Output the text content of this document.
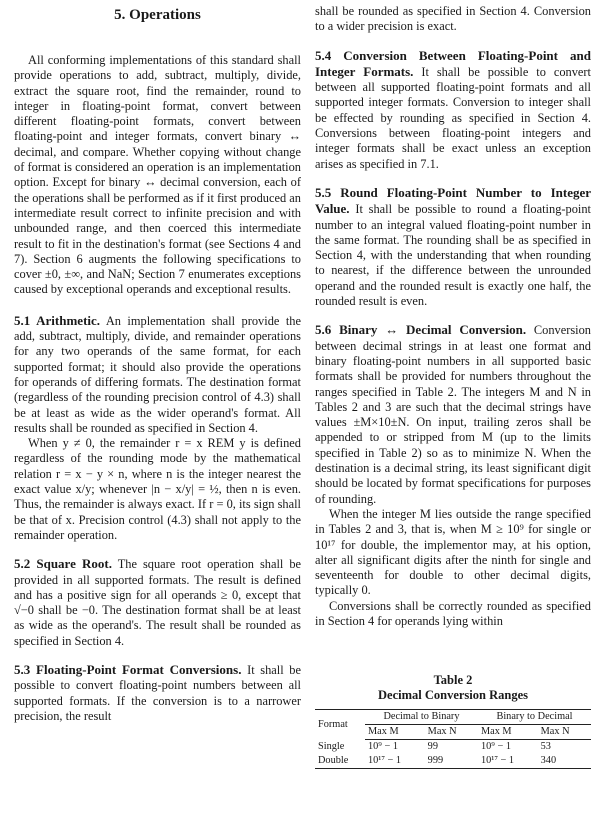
5. Operations

All conforming implementations of this standard shall provide operations to add, subtract, multiply, divide, extract the square root, find the remainder, round to integer in floating-point format, convert between different floating-point formats, convert between floating-point and integer formats, convert binary ↔ decimal, and compare. Whether copying without change of format is considered an operation is an implementation option. Except for binary ↔ decimal conversion, each of the operations shall be performed as if it first produced an intermediate result correct to infinite precision and with unbounded range, and then coerced this intermediate result to fit in the destination's format (see Sections 4 and 7). Section 6 augments the following specifications to cover ±0, ±∞, and NaN; Section 7 enumerates exceptions caused by exceptional operands and exceptional results.

5.1 Arithmetic. An implementation shall provide the add, subtract, multiply, divide, and remainder operations for any two operands of the same format, for each supported format; it should also provide the operations for operands of differing formats. The destination format (regardless of the rounding precision control of 4.3) shall be at least as wide as the wider operand's format. All results shall be rounded as specified in Section 4.

When y ≠ 0, the remainder r = x REM y is defined regardless of the rounding mode by the mathematical relation r = x − y × n, where n is the integer nearest the exact value x/y; whenever |n − x/y| = ½, then n is even. Thus, the remainder is always exact. If r = 0, its sign shall be that of x. Precision control (4.3) shall not apply to the remainder operation.

5.2 Square Root. The square root operation shall be provided in all supported formats. The result is defined and has a positive sign for all operands ≥ 0, except that √−0 shall be −0. The destination format shall be at least as wide as the operand's. The result shall be rounded as specified in Section 4.

5.3 Floating-Point Format Conversions. It shall be possible to convert floating-point numbers between all supported formats. If the conversion is to a narrower precision, the result

shall be rounded as specified in Section 4. Conversion to a wider precision is exact.

5.4 Conversion Between Floating-Point and Integer Formats. It shall be possible to convert between all supported floating-point formats and all supported integer formats. Conversion to integer shall be effected by rounding as specified in Section 4. Conversions between floating-point integers and integer formats shall be exact unless an exception arises as specified in 7.1.

5.5 Round Floating-Point Number to Integer Value. It shall be possible to round a floating-point number to an integral valued floating-point number in the same format. The rounding shall be as specified in Section 4, with the understanding that when rounding to nearest, if the difference between the unrounded operand and the rounded result is exactly one half, the rounded result is even.

5.6 Binary ↔ Decimal Conversion. Conversion between decimal strings in at least one format and binary floating-point numbers in all supported basic formats shall be provided for numbers throughout the ranges specified in Table 2. The integers M and N in Tables 2 and 3 are such that the decimal strings have values ±M×10±N. On input, trailing zeros shall be appended to or stripped from M (up to the limits specified in Table 2) so as to minimize N. When the destination is a decimal string, its least significant digit should be located by format specifications for purposes of rounding.

When the integer M lies outside the range specified in Tables 2 and 3, that is, when M ≥ 10⁹ for single or 10¹⁷ for double, the implementor may, at his option, alter all significant digits after the ninth for single and seventeenth for double to other decimal digits, typically 0.

Conversions shall be correctly rounded as specified in Section 4 for operands lying within

Table 2
Decimal Conversion Ranges
Format	Decimal to Binary		Binary to Decimal	
	Max M	Max N	Max M	Max N
Single	10⁹ − 1	99	10⁹ − 1	53
Double	10¹⁷ − 1	999	10¹⁷ − 1	340
